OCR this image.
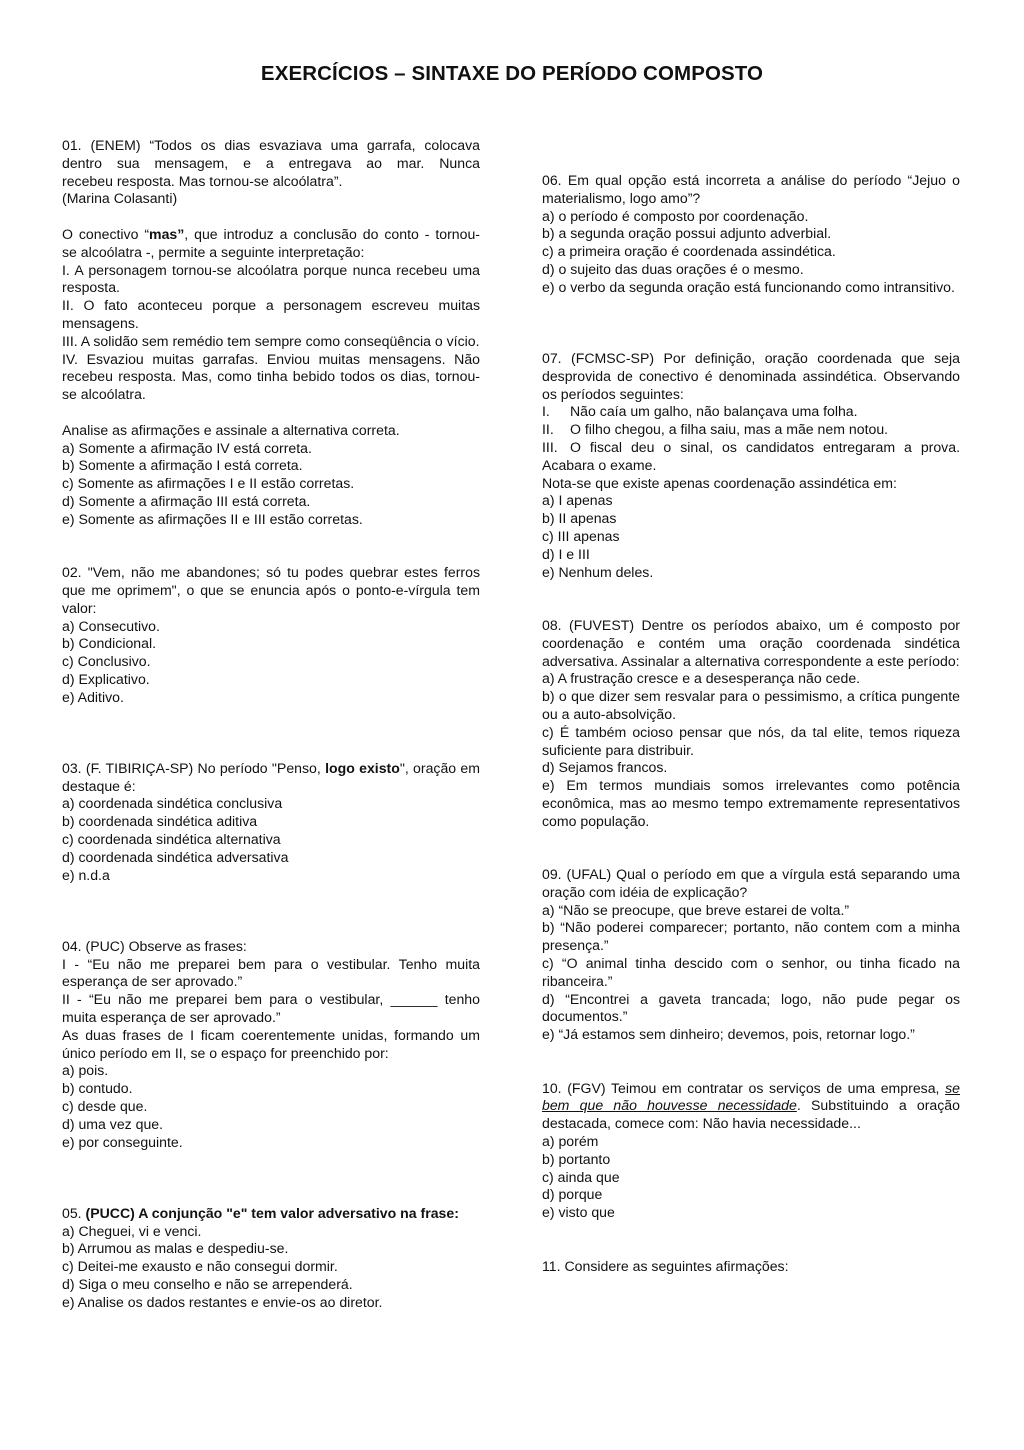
EXERCÍCIOS – SINTAXE DO PERÍODO COMPOSTO

01. (ENEM) “Todos os dias esvaziava uma garrafa, colocava

dentro sua mensagem, e a entregava ao mar. Nunca

recebeu resposta. Mas tornou-se alcoólatra”.

(Marina Colasanti)

O conectivo “mas”, que introduz a conclusão do conto - tornou-

se alcoólatra -, permite a seguinte interpretação:

I. A personagem tornou-se alcoólatra porque nunca recebeu uma resposta.

II. O fato aconteceu porque a personagem escreveu muitas mensagens.

III. A solidão sem remédio tem sempre como conseqüência o vício.

IV. Esvaziou muitas garrafas. Enviou muitas mensagens. Não recebeu resposta. Mas, como tinha bebido todos os dias, tornou-se alcoólatra.

Analise as afirmações e assinale a alternativa correta.

a) Somente a afirmação IV está correta.

b) Somente a afirmação I está correta.

c) Somente as afirmações I e II estão corretas.

d) Somente a afirmação III está correta.

e) Somente as afirmações II e III estão corretas.

02. "Vem, não me abandones; só tu podes quebrar estes ferros que me oprimem", o que se enuncia após o ponto-e-vírgula tem valor:

a) Consecutivo.

b) Condicional.

c) Conclusivo.

d) Explicativo.

e) Aditivo.

03. (F. TIBIRIÇA-SP) No período "Penso, logo existo", oração em destaque é:

a) coordenada sindética conclusiva

b) coordenada sindética aditiva

c) coordenada sindética alternativa

d) coordenada sindética adversativa

e) n.d.a

04. (PUC) Observe as frases:

I - “Eu não me preparei bem para o vestibular. Tenho muita esperança de ser aprovado.”

II - “Eu não me preparei bem para o vestibular, ______ tenho muita esperança de ser aprovado.”

As duas frases de I ficam coerentemente unidas, formando um único período em II, se o espaço for preenchido por:

a) pois.

b) contudo.

c) desde que.

d) uma vez que.

e) por conseguinte.

05. (PUCC) A conjunção "e" tem valor adversativo na frase:

a) Cheguei, vi e venci.

b) Arrumou as malas e despediu-se.

c) Deitei-me exausto e não consegui dormir.

d) Siga o meu conselho e não se arrependerá.

e) Analise os dados restantes e envie-os ao diretor.

06. Em qual opção está incorreta a análise do período “Jejuo o materialismo, logo amo”?

a) o período é composto por coordenação.

b) a segunda oração possui adjunto adverbial.

c) a primeira oração é coordenada assindética.

d) o sujeito das duas orações é o mesmo.

e) o verbo da segunda oração está funcionando como intransitivo.

07. (FCMSC-SP) Por definição, oração coordenada que seja desprovida de conectivo é denominada assindética. Observando os períodos seguintes:

I. Não caía um galho, não balançava uma folha.

II. O filho chegou, a filha saiu, mas a mãe nem notou.

III. O fiscal deu o sinal, os candidatos entregaram a prova. Acabara o exame.

Nota-se que existe apenas coordenação assindética em:

a) I apenas

b) II apenas

c) III apenas

d) I e III

e) Nenhum deles.

08. (FUVEST) Dentre os períodos abaixo, um é composto por coordenação e contém uma oração coordenada sindética adversativa. Assinalar a alternativa correspondente a este período:

a) A frustração cresce e a desesperança não cede.

b) o que dizer sem resvalar para o pessimismo, a crítica pungente ou a auto-absolvição.

c) É também ocioso pensar que nós, da tal elite, temos riqueza suficiente para distribuir.

d) Sejamos francos.

e) Em termos mundiais somos irrelevantes como potência econômica, mas ao mesmo tempo extremamente representativos como população.

09. (UFAL) Qual o período em que a vírgula está separando uma oração com idéia de explicação?

a) “Não se preocupe, que breve estarei de volta.”

b) “Não poderei comparecer; portanto, não contem com a minha presença.”

c) “O animal tinha descido com o senhor, ou tinha ficado na ribanceira.”

d) “Encontrei a gaveta trancada; logo, não pude pegar os documentos.”

e) “Já estamos sem dinheiro; devemos, pois, retornar logo.”

10. (FGV) Teimou em contratar os serviços de uma empresa, se bem que não houvesse necessidade. Substituindo a oração destacada, comece com: Não havia necessidade...

a) porém

b) portanto

c) ainda que

d) porque

e) visto que

11. Considere as seguintes afirmações:
